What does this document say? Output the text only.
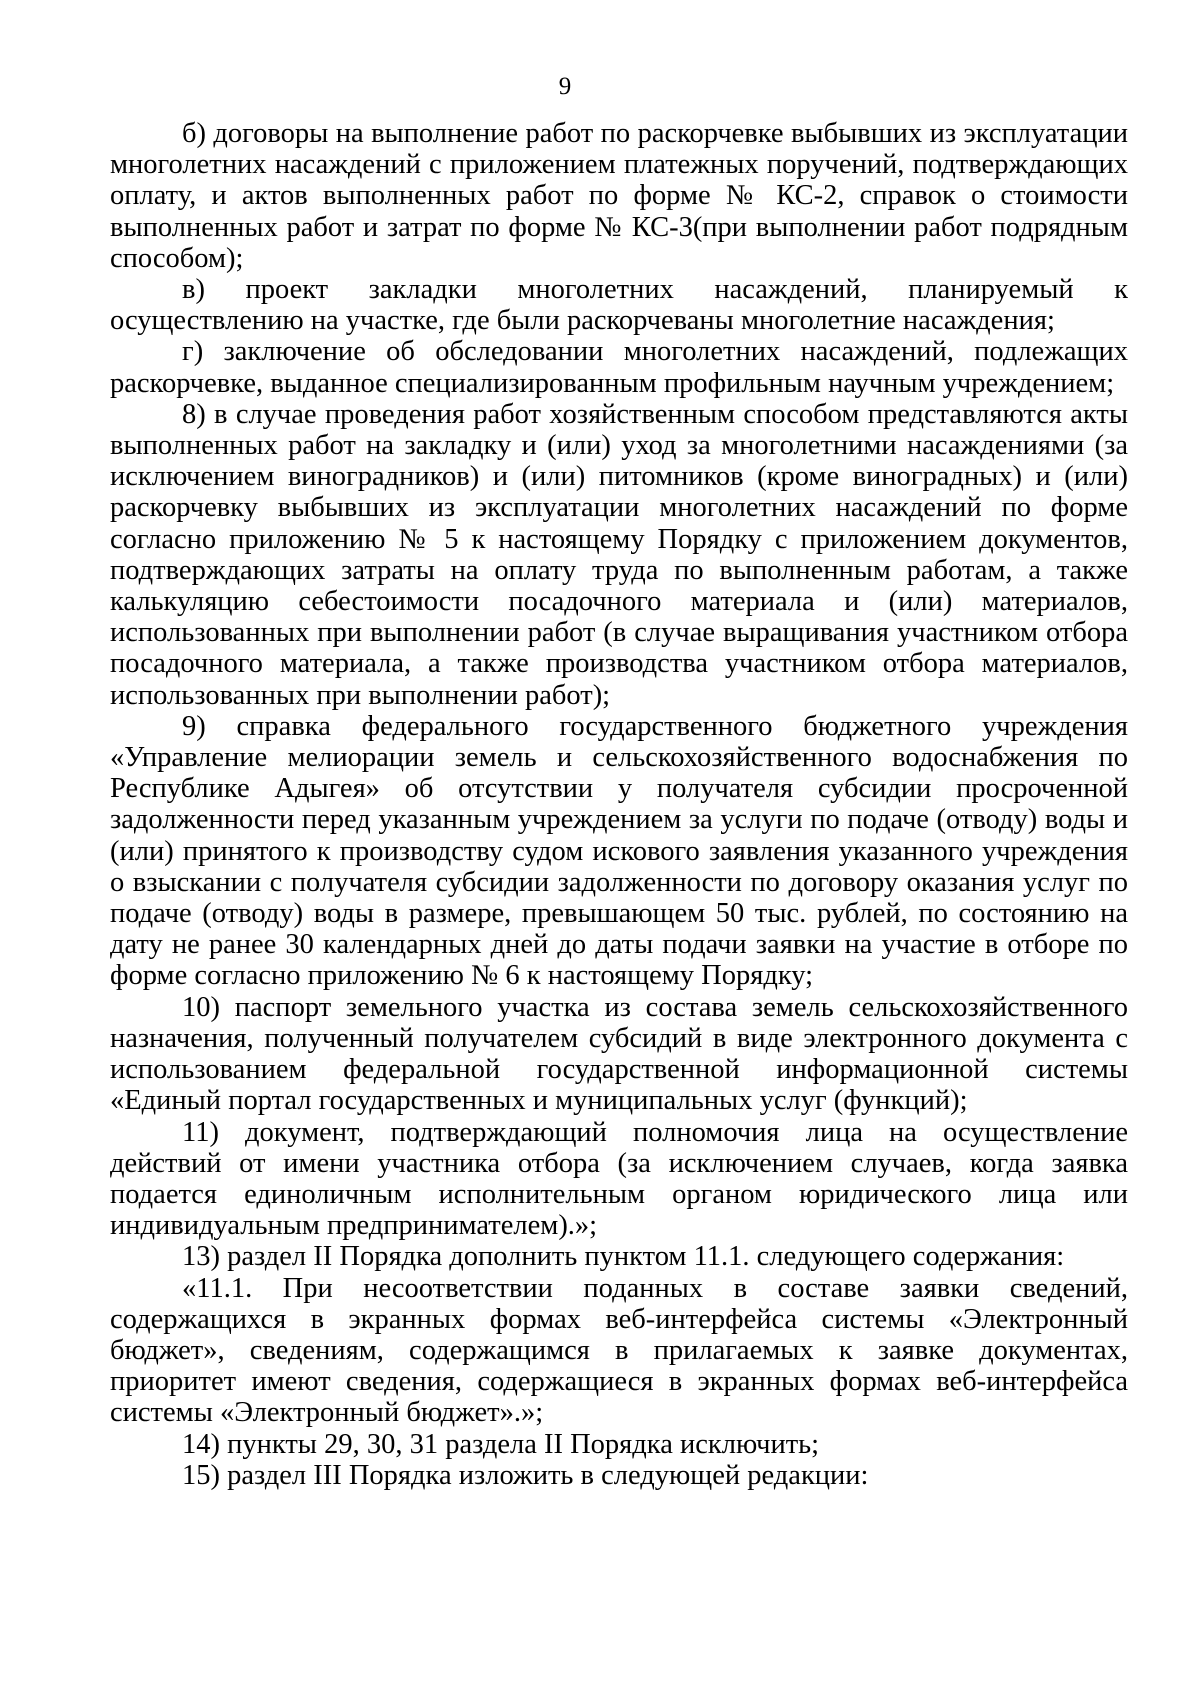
9

б) договоры на выполнение работ по раскорчевке выбывших из эксплуатации многолетних насаждений с приложением платежных поручений, подтверждающих оплату, и актов выполненных работ по форме № КС-2, справок о стоимости выполненных работ и затрат по форме № КС-3(при выполнении работ подрядным способом);

в) проект закладки многолетних насаждений, планируемый к осуществлению на участке, где были раскорчеваны многолетние насаждения;

г) заключение об обследовании многолетних насаждений, подлежащих раскорчевке, выданное специализированным профильным научным учреждением;

8) в случае проведения работ хозяйственным способом представляются акты выполненных работ на закладку и (или) уход за многолетними насаждениями (за исключением виноградников) и (или) питомников (кроме виноградных) и (или) раскорчевку выбывших из эксплуатации многолетних насаждений по форме согласно приложению № 5 к настоящему Порядку с приложением документов, подтверждающих затраты на оплату труда по выполненным работам, а также калькуляцию себестоимости посадочного материала и (или) материалов, использованных при выполнении работ (в случае выращивания участником отбора посадочного материала, а также производства участником отбора материалов, использованных при выполнении работ);

9) справка федерального государственного бюджетного учреждения «Управление мелиорации земель и сельскохозяйственного водоснабжения по Республике Адыгея» об отсутствии у получателя субсидии просроченной задолженности перед указанным учреждением за услуги по подаче (отводу) воды и (или) принятого к производству судом искового заявления указанного учреждения о взыскании с получателя субсидии задолженности по договору оказания услуг по подаче (отводу) воды в размере, превышающем 50 тыс. рублей, по состоянию на дату не ранее 30 календарных дней до даты подачи заявки на участие в отборе по форме согласно приложению № 6 к настоящему Порядку;

10) паспорт земельного участка из состава земель сельскохозяйственного назначения, полученный получателем субсидий в виде электронного документа с использованием федеральной государственной информационной системы «Единый портал государственных и муниципальных услуг (функций);

11) документ, подтверждающий полномочия лица на осуществление действий от имени участника отбора (за исключением случаев, когда заявка подается единоличным исполнительным органом юридического лица или индивидуальным предпринимателем).»;

13) раздел II Порядка дополнить пунктом 11.1. следующего содержания:

«11.1. При несоответствии поданных в составе заявки сведений, содержащихся в экранных формах веб-интерфейса системы «Электронный бюджет», сведениям, содержащимся в прилагаемых к заявке документах, приоритет имеют сведения, содержащиеся в экранных формах веб-интерфейса системы «Электронный бюджет».»;

14) пункты 29, 30, 31 раздела II Порядка исключить;

15) раздел III Порядка изложить в следующей редакции:
